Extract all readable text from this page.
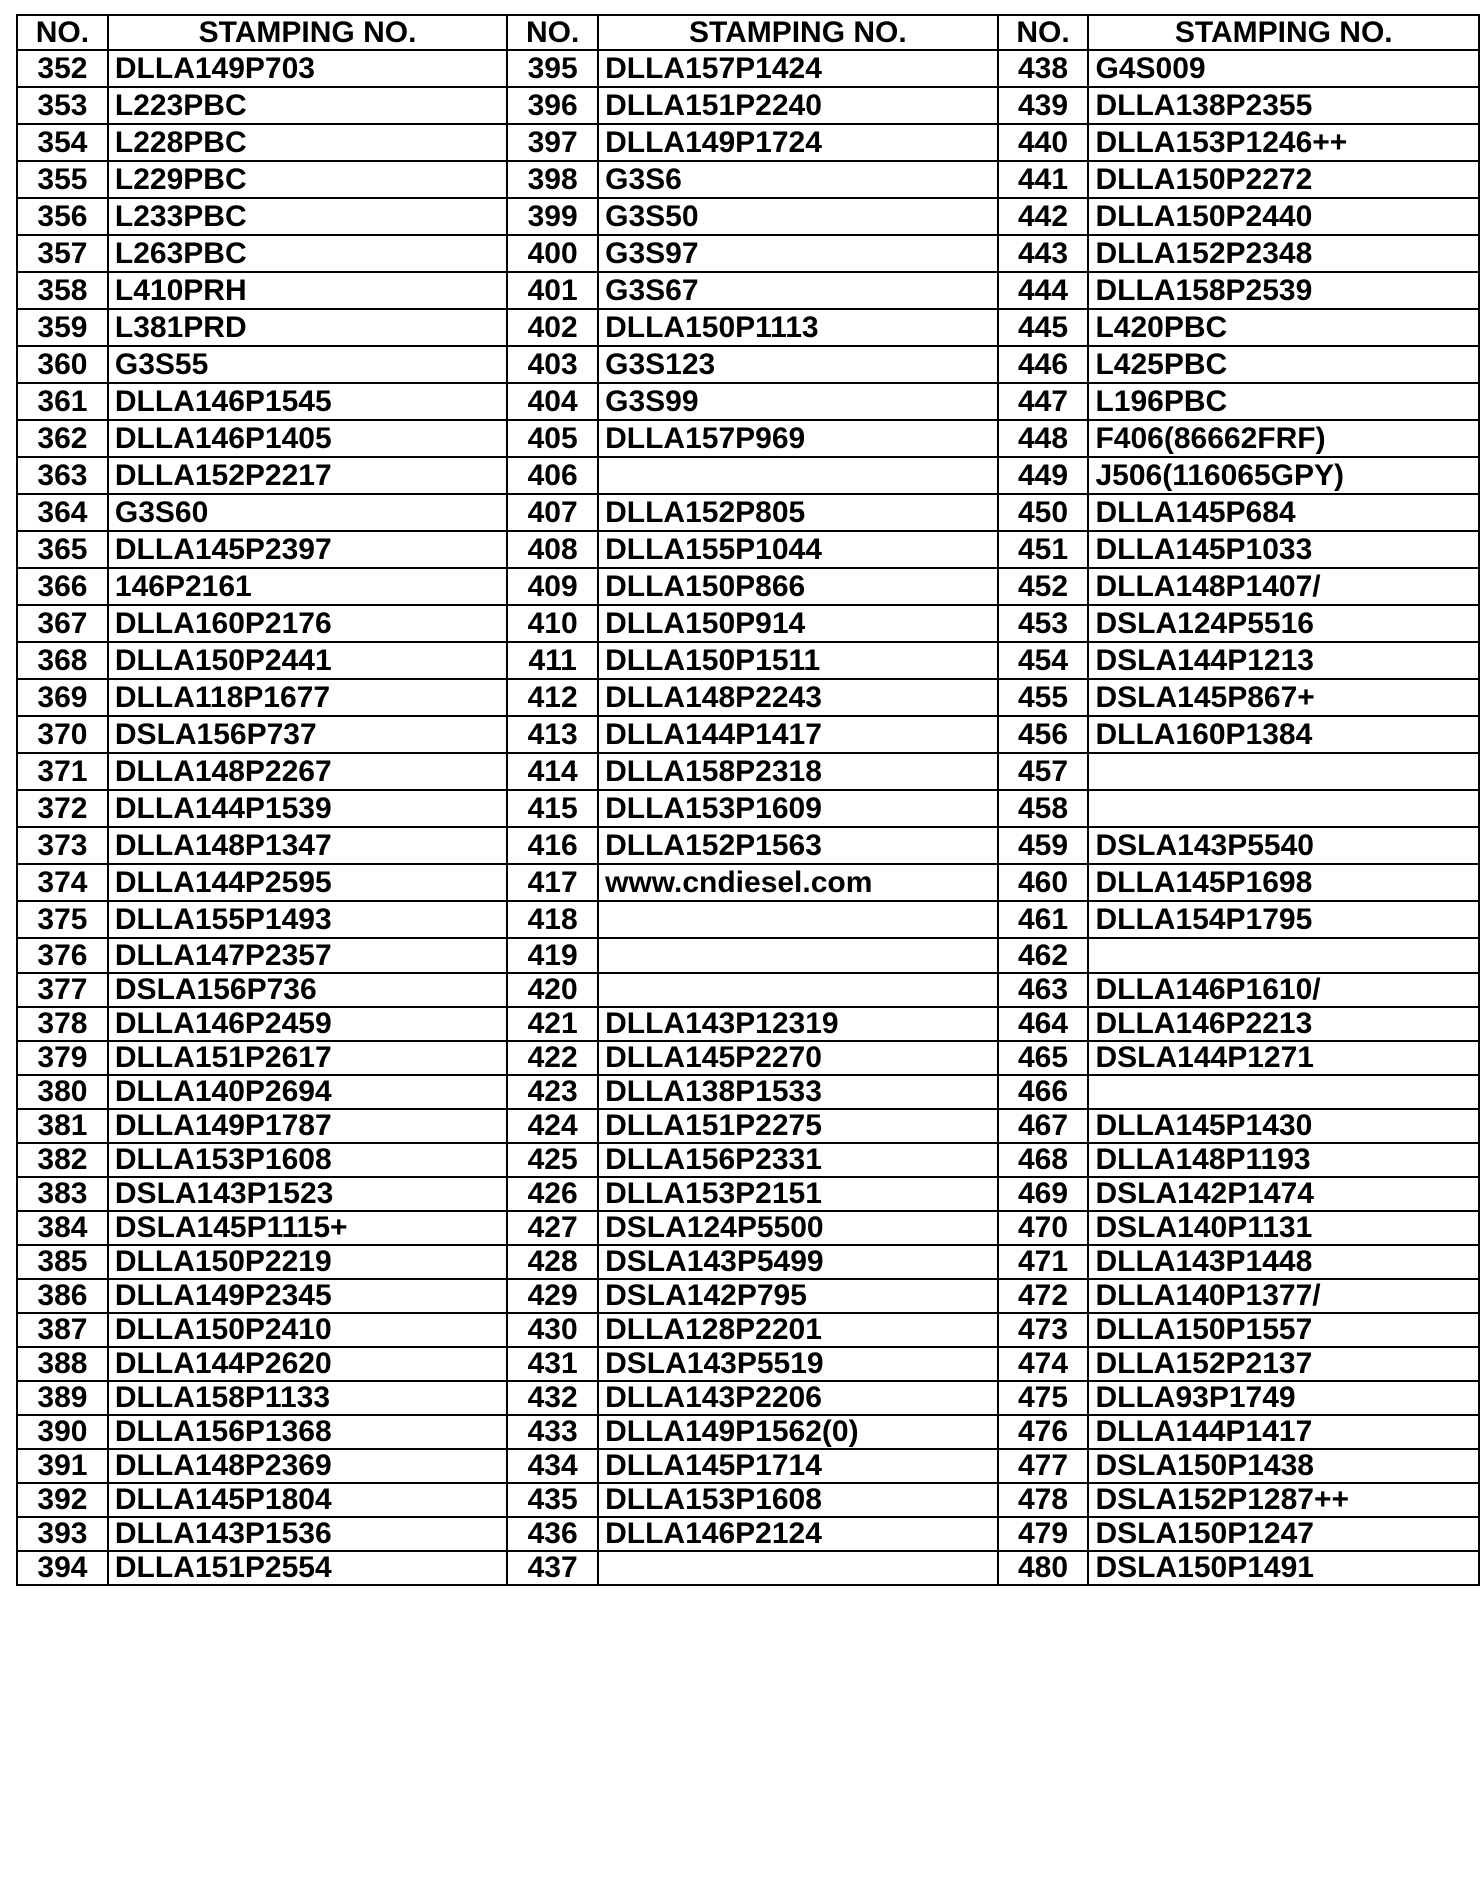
NO.	STAMPING NO.	NO.	STAMPING NO.	NO.	STAMPING NO.
352	DLLA149P703	395	DLLA157P1424	438	G4S009
353	L223PBC	396	DLLA151P2240	439	DLLA138P2355
354	L228PBC	397	DLLA149P1724	440	DLLA153P1246++
355	L229PBC	398	G3S6	441	DLLA150P2272
356	L233PBC	399	G3S50	442	DLLA150P2440
357	L263PBC	400	G3S97	443	DLLA152P2348
358	L410PRH	401	G3S67	444	DLLA158P2539
359	L381PRD	402	DLLA150P1113	445	L420PBC
360	G3S55	403	G3S123	446	L425PBC
361	DLLA146P1545	404	G3S99	447	L196PBC
362	DLLA146P1405	405	DLLA157P969	448	F406(86662FRF)
363	DLLA152P2217	406		449	J506(116065GPY)
364	G3S60	407	DLLA152P805	450	DLLA145P684
365	DLLA145P2397	408	DLLA155P1044	451	DLLA145P1033
366	146P2161	409	DLLA150P866	452	DLLA148P1407/
367	DLLA160P2176	410	DLLA150P914	453	DSLA124P5516
368	DLLA150P2441	411	DLLA150P1511	454	DSLA144P1213
369	DLLA118P1677	412	DLLA148P2243	455	DSLA145P867+
370	DSLA156P737	413	DLLA144P1417	456	DLLA160P1384
371	DLLA148P2267	414	DLLA158P2318	457	
372	DLLA144P1539	415	DLLA153P1609	458	
373	DLLA148P1347	416	DLLA152P1563	459	DSLA143P5540
374	DLLA144P2595	417	www.cndiesel.com	460	DLLA145P1698
375	DLLA155P1493	418		461	DLLA154P1795
376	DLLA147P2357	419		462	
377	DSLA156P736	420		463	DLLA146P1610/
378	DLLA146P2459	421	DLLA143P12319	464	DLLA146P2213
379	DLLA151P2617	422	DLLA145P2270	465	DSLA144P1271
380	DLLA140P2694	423	DLLA138P1533	466	
381	DLLA149P1787	424	DLLA151P2275	467	DLLA145P1430
382	DLLA153P1608	425	DLLA156P2331	468	DLLA148P1193
383	DSLA143P1523	426	DLLA153P2151	469	DSLA142P1474
384	DSLA145P1115+	427	DSLA124P5500	470	DSLA140P1131
385	DLLA150P2219	428	DSLA143P5499	471	DLLA143P1448
386	DLLA149P2345	429	DSLA142P795	472	DLLA140P1377/
387	DLLA150P2410	430	DLLA128P2201	473	DLLA150P1557
388	DLLA144P2620	431	DSLA143P5519	474	DLLA152P2137
389	DLLA158P1133	432	DLLA143P2206	475	DLLA93P1749
390	DLLA156P1368	433	DLLA149P1562(0)	476	DLLA144P1417
391	DLLA148P2369	434	DLLA145P1714	477	DSLA150P1438
392	DLLA145P1804	435	DLLA153P1608	478	DSLA152P1287++
393	DLLA143P1536	436	DLLA146P2124	479	DSLA150P1247
394	DLLA151P2554	437		480	DSLA150P1491
